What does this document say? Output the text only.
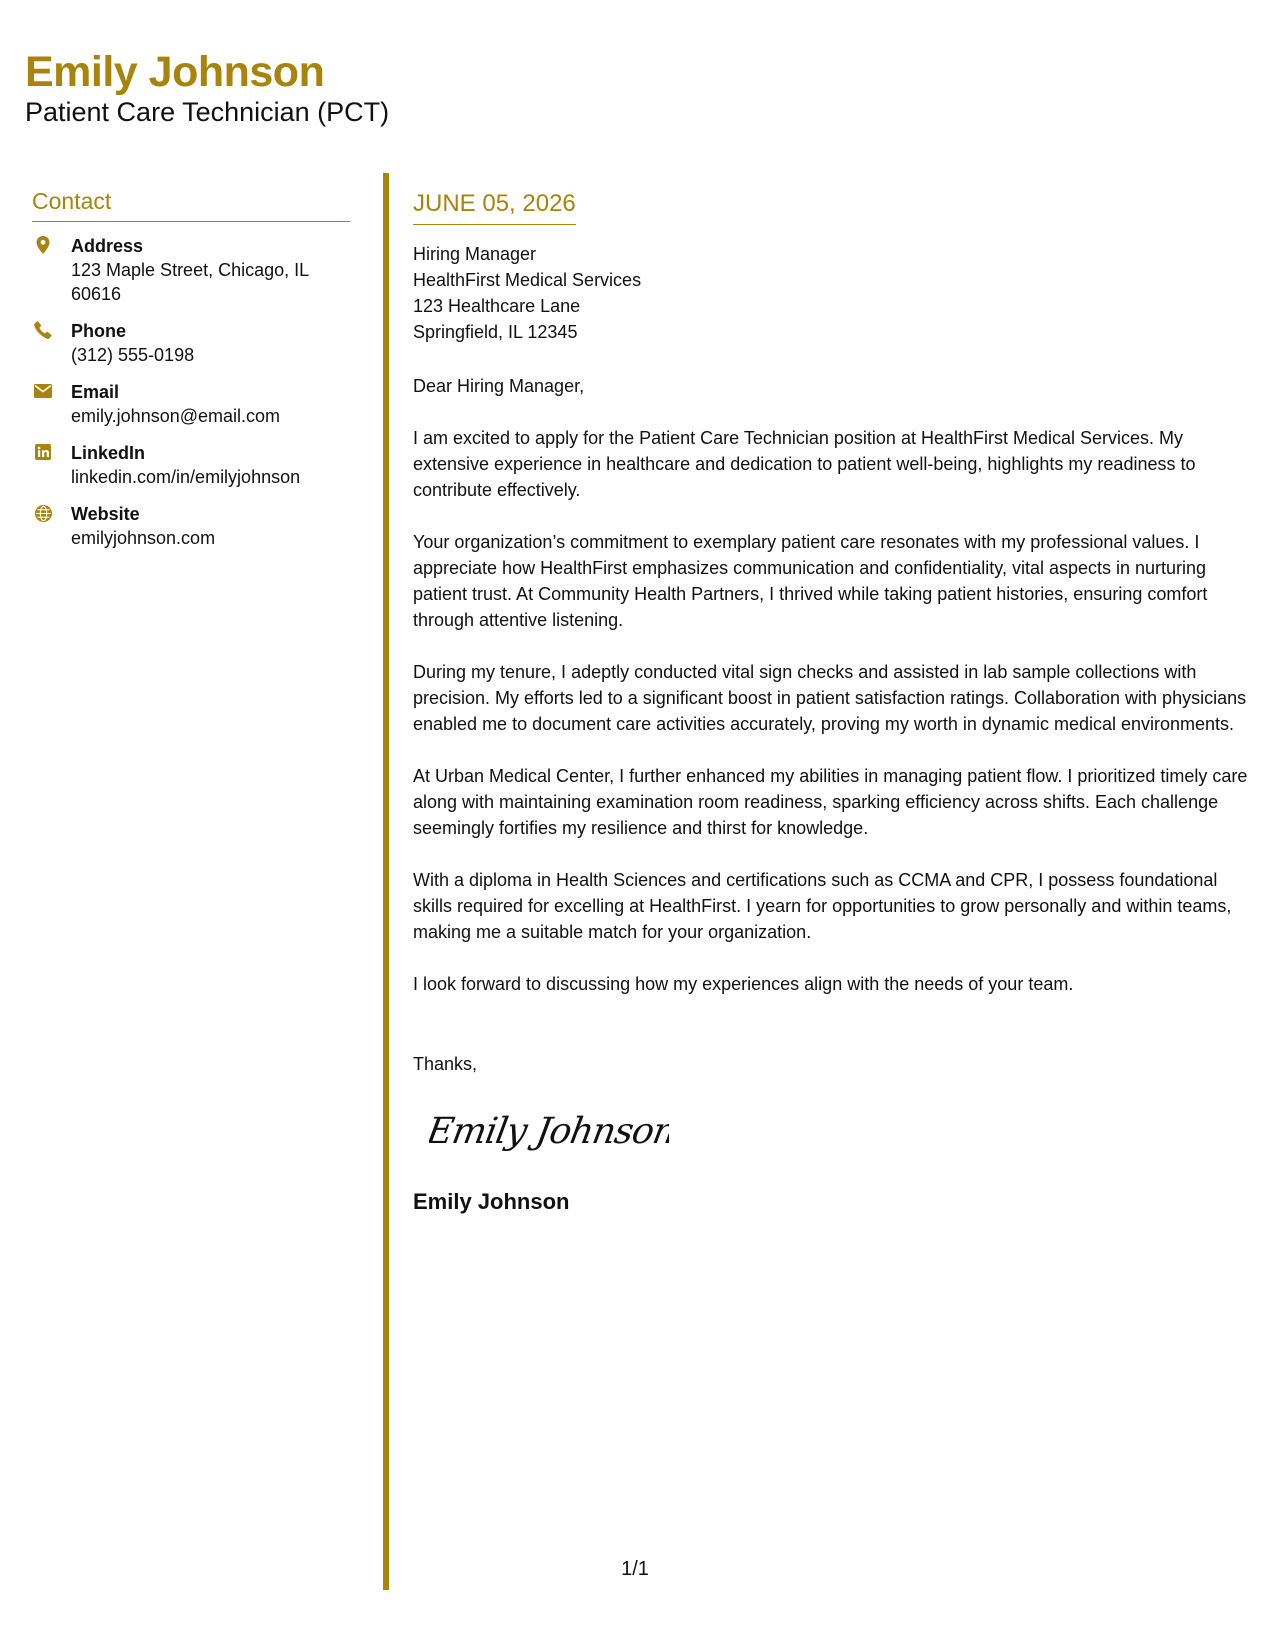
Emily Johnson
Patient Care Technician (PCT)
Contact
Address
123 Maple Street, Chicago, IL 60616
Phone
(312) 555-0198
Email
emily.johnson@email.com
LinkedIn
linkedin.com/in/emilyjohnson
Website
emilyjohnson.com
JUNE 05, 2026
Hiring Manager
HealthFirst Medical Services
123 Healthcare Lane
Springfield, IL 12345
Dear Hiring Manager,
I am excited to apply for the Patient Care Technician position at HealthFirst Medical Services. My extensive experience in healthcare and dedication to patient well-being, highlights my readiness to contribute effectively.
Your organization’s commitment to exemplary patient care resonates with my professional values. I appreciate how HealthFirst emphasizes communication and confidentiality, vital aspects in nurturing patient trust. At Community Health Partners, I thrived while taking patient histories, ensuring comfort through attentive listening.
During my tenure, I adeptly conducted vital sign checks and assisted in lab sample collections with precision. My efforts led to a significant boost in patient satisfaction ratings. Collaboration with physicians enabled me to document care activities accurately, proving my worth in dynamic medical environments.
At Urban Medical Center, I further enhanced my abilities in managing patient flow. I prioritized timely care along with maintaining examination room readiness, sparking efficiency across shifts. Each challenge seemingly fortifies my resilience and thirst for knowledge.
With a diploma in Health Sciences and certifications such as CCMA and CPR, I possess foundational skills required for excelling at HealthFirst. I yearn for opportunities to grow personally and within teams, making me a suitable match for your organization.
I look forward to discussing how my experiences align with the needs of your team.
Thanks,
Emily Johnson
Emily Johnson
1/1
